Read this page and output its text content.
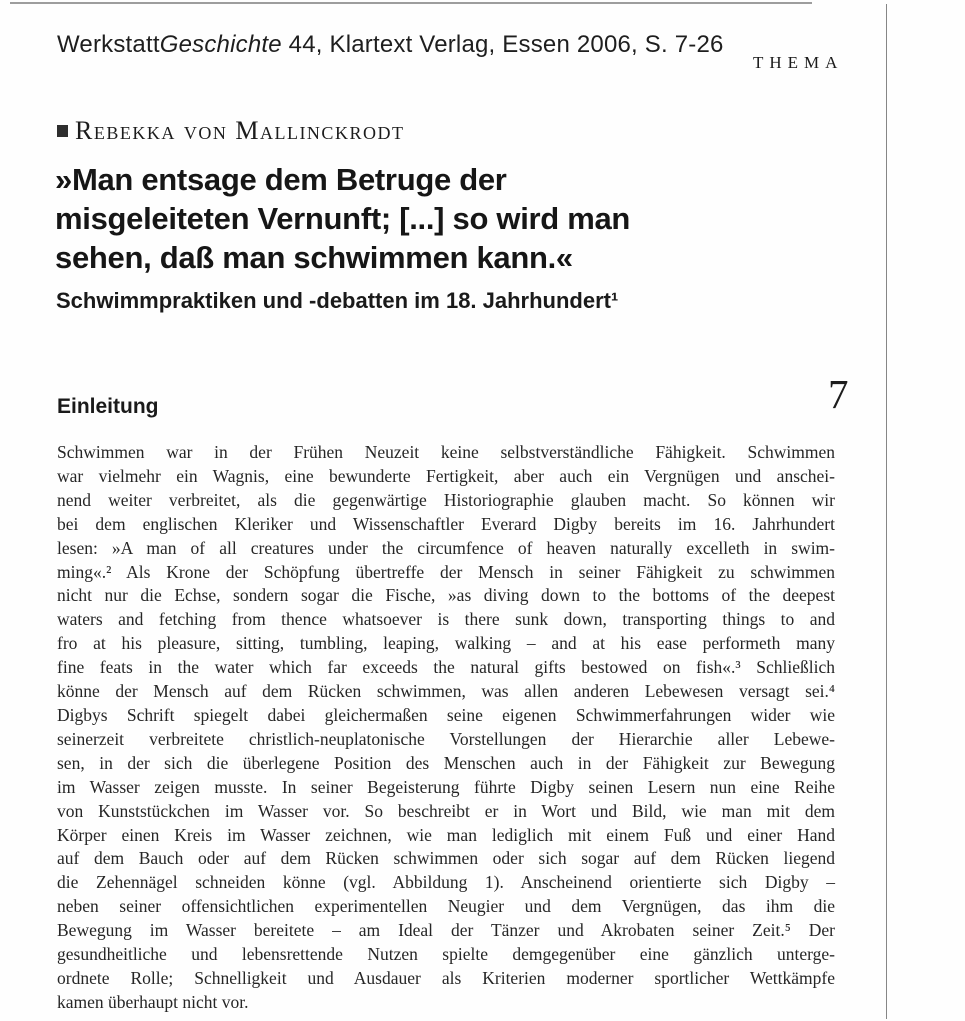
WerkstattGeschichte 44, Klartext Verlag, Essen 2006, S. 7-26
THEMA
Rebekka von Mallinckrodt
»Man entsage dem Betruge der
misgeleiteten Vernunft; [...] so wird man
sehen, daß man schwimmen kann.«
Schwimmpraktiken und -debatten im 18. Jahrhundert¹
Einleitung	7
Schwimmen war in der Frühen Neuzeit keine selbstverständliche Fähigkeit. Schwimmen
war vielmehr ein Wagnis, eine bewunderte Fertigkeit, aber auch ein Vergnügen und anschei-
nend weiter verbreitet, als die gegenwärtige Historiographie glauben macht. So können wir
bei dem englischen Kleriker und Wissenschaftler Everard Digby bereits im 16. Jahrhundert
lesen: »A man of all creatures under the circumfence of heaven naturally excelleth in swim-
ming«.² Als Krone der Schöpfung übertreffe der Mensch in seiner Fähigkeit zu schwimmen
nicht nur die Echse, sondern sogar die Fische, »as diving down to the bottoms of the deepest
waters and fetching from thence whatsoever is there sunk down, transporting things to and
fro at his pleasure, sitting, tumbling, leaping, walking – and at his ease performeth many
fine feats in the water which far exceeds the natural gifts bestowed on fish«.³ Schließlich
könne der Mensch auf dem Rücken schwimmen, was allen anderen Lebewesen versagt sei.⁴
Digbys Schrift spiegelt dabei gleichermaßen seine eigenen Schwimmerfahrungen wider wie
seinerzeit verbreitete christlich-neuplatonische Vorstellungen der Hierarchie aller Lebewe-
sen, in der sich die überlegene Position des Menschen auch in der Fähigkeit zur Bewegung
im Wasser zeigen musste. In seiner Begeisterung führte Digby seinen Lesern nun eine Reihe
von Kunststückchen im Wasser vor. So beschreibt er in Wort und Bild, wie man mit dem
Körper einen Kreis im Wasser zeichnen, wie man lediglich mit einem Fuß und einer Hand
auf dem Bauch oder auf dem Rücken schwimmen oder sich sogar auf dem Rücken liegend
die Zehennägel schneiden könne (vgl. Abbildung 1). Anscheinend orientierte sich Digby –
neben seiner offensichtlichen experimentellen Neugier und dem Vergnügen, das ihm die
Bewegung im Wasser bereitete – am Ideal der Tänzer und Akrobaten seiner Zeit.⁵ Der
gesundheitliche und lebensrettende Nutzen spielte demgegenüber eine gänzlich unterge-
ordnete Rolle; Schnelligkeit und Ausdauer als Kriterien moderner sportlicher Wettkämpfe
kamen überhaupt nicht vor.
